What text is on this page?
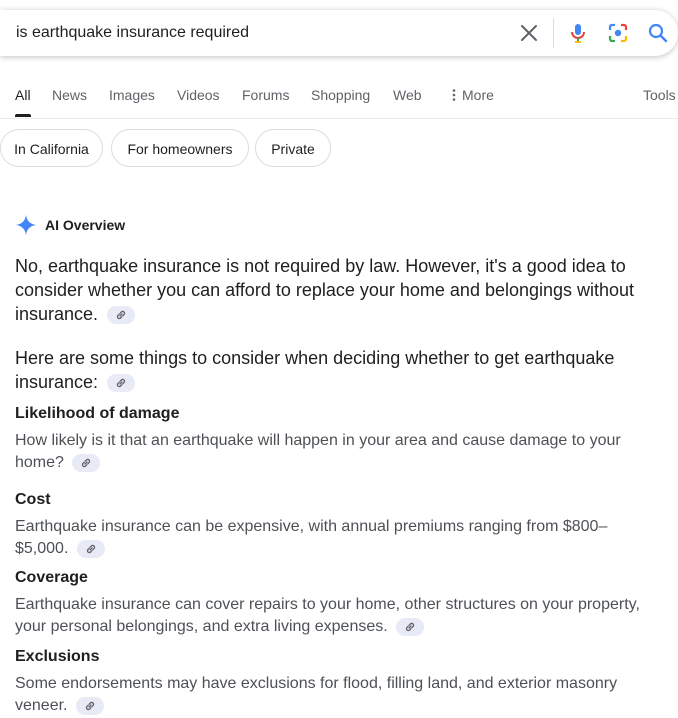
is earthquake insurance required
All News Images Videos Forums Shopping Web	More	Tools
In California	For homeowners	Private
AI Overview
No, earthquake insurance is not required by law. However, it's a good idea to consider whether you can afford to replace your home and belongings without insurance.
Here are some things to consider when deciding whether to get earthquake insurance:
Likelihood of damage
How likely is it that an earthquake will happen in your area and cause damage to your home?
Cost
Earthquake insurance can be expensive, with annual premiums ranging from $800–$5,000.
Coverage
Earthquake insurance can cover repairs to your home, other structures on your property, your personal belongings, and extra living expenses.
Exclusions
Some endorsements may have exclusions for flood, filling land, and exterior masonry veneer.
